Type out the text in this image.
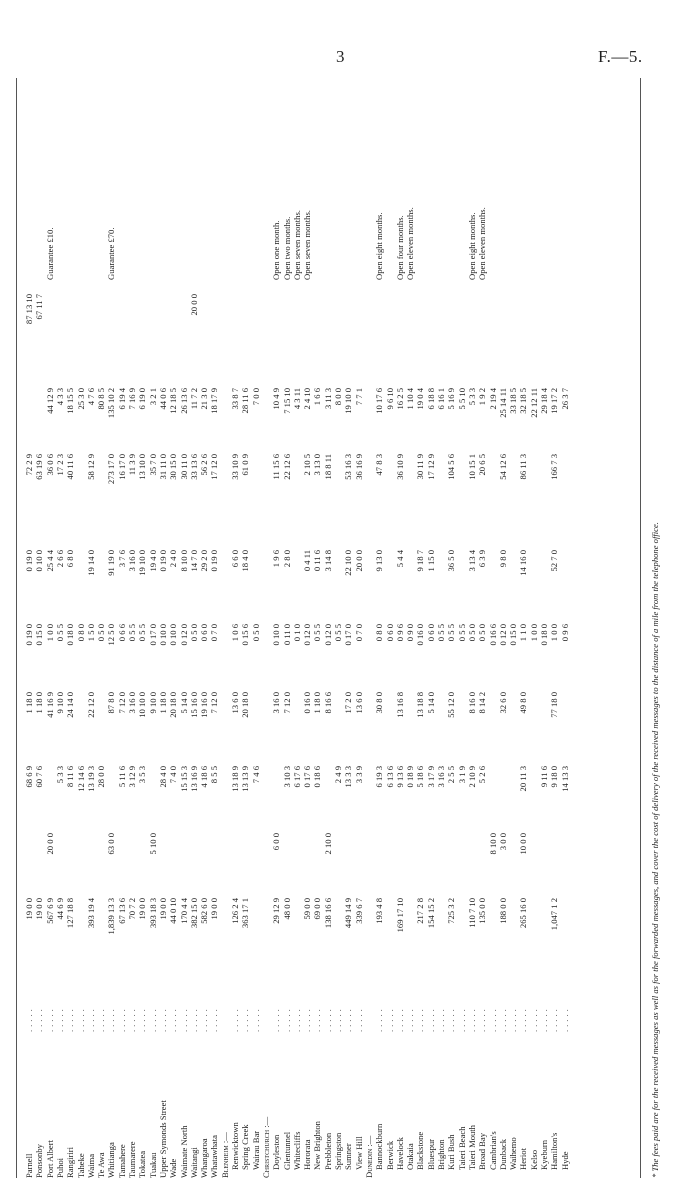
3	F.—5.
Parnell
.....
19 0 0
68 6 9
1 18 0
0 19 0
0 19 0
72 2 9
87 13 10
Ponsonby
.....
19 0 0
60 7 6
1 18 0
0 15 0
0 10 0
63 19 6
67 11 7
Port Albert
.....
567 6 9
20 0 0
41 16 9
1 0 0
25 4 4
36 0 6
44 12 9
Guarantee £10.
Puhoi
.....
44 6 9
5 3 3
9 10 0
0 5 5
2 6 6
17 2 3
4 3 3
Rangiriri
.....
127 18 8
8 11 6
24 14 0
0 18 0
6 8 0
40 11 6
18 15 5
Taheke
.....
12 14 6
0 8 0
25 3 0
Waima
.....
393 19 4
13 19 3
22 12 0
1 5 0
19 14 0
58 12 9
4 7 6
Te Awa
.....
28 0 0
0 5 0
80 8 5
Whitianga
.....
1,839 13 3
63 0 0
87 8 0
12 5 0
91 19 0
273 17 0
135 10 2
Guarantee £70.
Tamahere
.....
67 13 6
5 11 6
7 12 0
0 6 6
3 7 6
16 17 0
6 19 4
Taumarere
.....
70 7 2
3 12 9
3 16 0
0 5 5
3 16 0
11 3 9
7 16 9
Tokatea
.....
19 0 0
3 5 3
10 10 0
0 5 5
19 10 0
13 10 0
6 19 0
Tuakau
.....
393 18 3
5 10 0
9 10 0
0 17 0
19 4 0
35 7 0
3 2 1
Upper Symonds Street
.....
19 0 0
28 4 0
1 18 0
0 10 0
0 19 0
31 11 0
44 0 6
Wade
.....
44 0 10
7 4 0
20 18 0
0 10 0
2 4 0
30 15 0
12 18 5
Waimate North
.....
170 4 4
15 15 3
5 14 0
0 12 0
8 10 0
30 11 0
26 13 6
Waitangi
.....
382 15 0
13 16 9
15 16 0
0 5 0
14 7 0
33 13 6
11 7 2
20 0 0
Whangaroa
.....
582 6 0
4 18 6
19 16 0
0 6 0
29 2 0
56 2 6
21 3 0
Whatawhata
.....
19 0 0
8 5 5
7 12 0
0 7 0
0 19 0
17 12 0
18 17 9
Blenheim :— Renwicktown
.....
126 2 4
13 18 9
13 6 0
1 0 6
6 6 0
33 10 9
33 8 7
Spring Creek
.....
363 17 1
13 13 9
20 18 0
0 15 6
18 4 0
61 0 9
28 11 6
Wairau Bar
.....
7 4 6
0 5 0
7 0 0
Christchurch :— Doyleston
.....
29 12 9
6 0 0
3 16 0
0 10 0
1 9 6
11 15 6
10 4 9
Open one month.
Glentunnel
.....
48 0 0
3 10 3
7 12 0
0 11 0
2 8 0
22 12 6
7 15 10
Open two months.
Whitecliffs
.....
6 17 6
0 1 0
4 3 11
Open seven months.
Hororata
.....
59 0 0
0 17 6
0 16 0
0 12 0
0 4 11
2 10 5
2 4 10
Open seven months.
New Brighton
.....
69 0 0
0 18 6
1 18 0
0 5 5
0 11 6
3 13 0
1 6 6
Prebbleton
.....
138 16 6
2 10 0
8 16 6
0 12 0
3 14 8
18 8 11
3 11 3
Springston
.....
2 4 9
0 5 5
8 0 0
Sumner
.....
449 14 9
13 3 3
17 2 0
0 17 0
22 10 0
53 16 3
19 10 0
View Hill
.....
339 6 7
3 3 9
13 6 0
0 7 0
20 0 0
36 16 9
7 7 1
Dunedin :— Bannockburn
.....
193 4 8
6 19 3
30 8 0
0 8 0
9 13 0
47 8 3
10 17 6
Open eight months.
Berwick
.....
6 13 6
0 6 0
9 6 10
Havelock
.....
169 17 10
9 13 6
13 16 8
0 9 6
5 4 4
36 10 9
16 2 5
Open four months.
Otakaia
.....
0 18 9
0 9 0
1 10 4
Open eleven months.
Blackstone
.....
217 2 8
5 18 6
13 18 8
0 16 0
9 18 7
30 11 9
19 0 4
Bluespur
.....
154 15 2
3 17 9
5 14 0
0 6 0
1 15 0
17 12 9
6 18 8
Brighton
.....
3 16 3
0 5 5
6 16 1
Kuri Bush
.....
725 3 2
2 5 5
55 12 0
0 5 5
36 5 0
104 5 6
5 16 9
Taieri Beach
.....
3 1 9
0 5 5
5 5 10
Taieri Mouth
.....
110 7 10
2 10 9
8 16 0
0 5 0
3 13 4
10 15 1
5 3 3
Open eight months.
Broad Bay
.....
135 0 0
5 2 6
8 14 2
0 5 0
6 3 9
20 6 5
1 9 2
Open eleven months.
Cambrian's
.....
8 10 0
0 16 6
2 19 4
Dunback
.....
188 0 0
3 0 0
32 6 0
0 12 0
9 8 0
54 12 6
25 14 11
Waihemo
.....
0 15 0
33 18 5
Heriot
.....
265 16 0
10 0 0
20 11 3
49 8 0
1 1 0
14 16 0
86 11 3
32 18 5
Kelso
.....
1 0 0
22 12 11
Kyeburn
.....
9 11 6
0 18 0
29 18 4
Hamilton's
.....
1,047 1 2
9 18 0
77 18 0
1 0 0
52 7 0
166 7 3
19 17 2
Hyde
.....
14 13 3
0 9 6
26 3 7
* The fees paid are for the received messages as well as for the forwarded messages, and cover the cost of delivery of the received messages to the distance of a mile from the telephone office.
